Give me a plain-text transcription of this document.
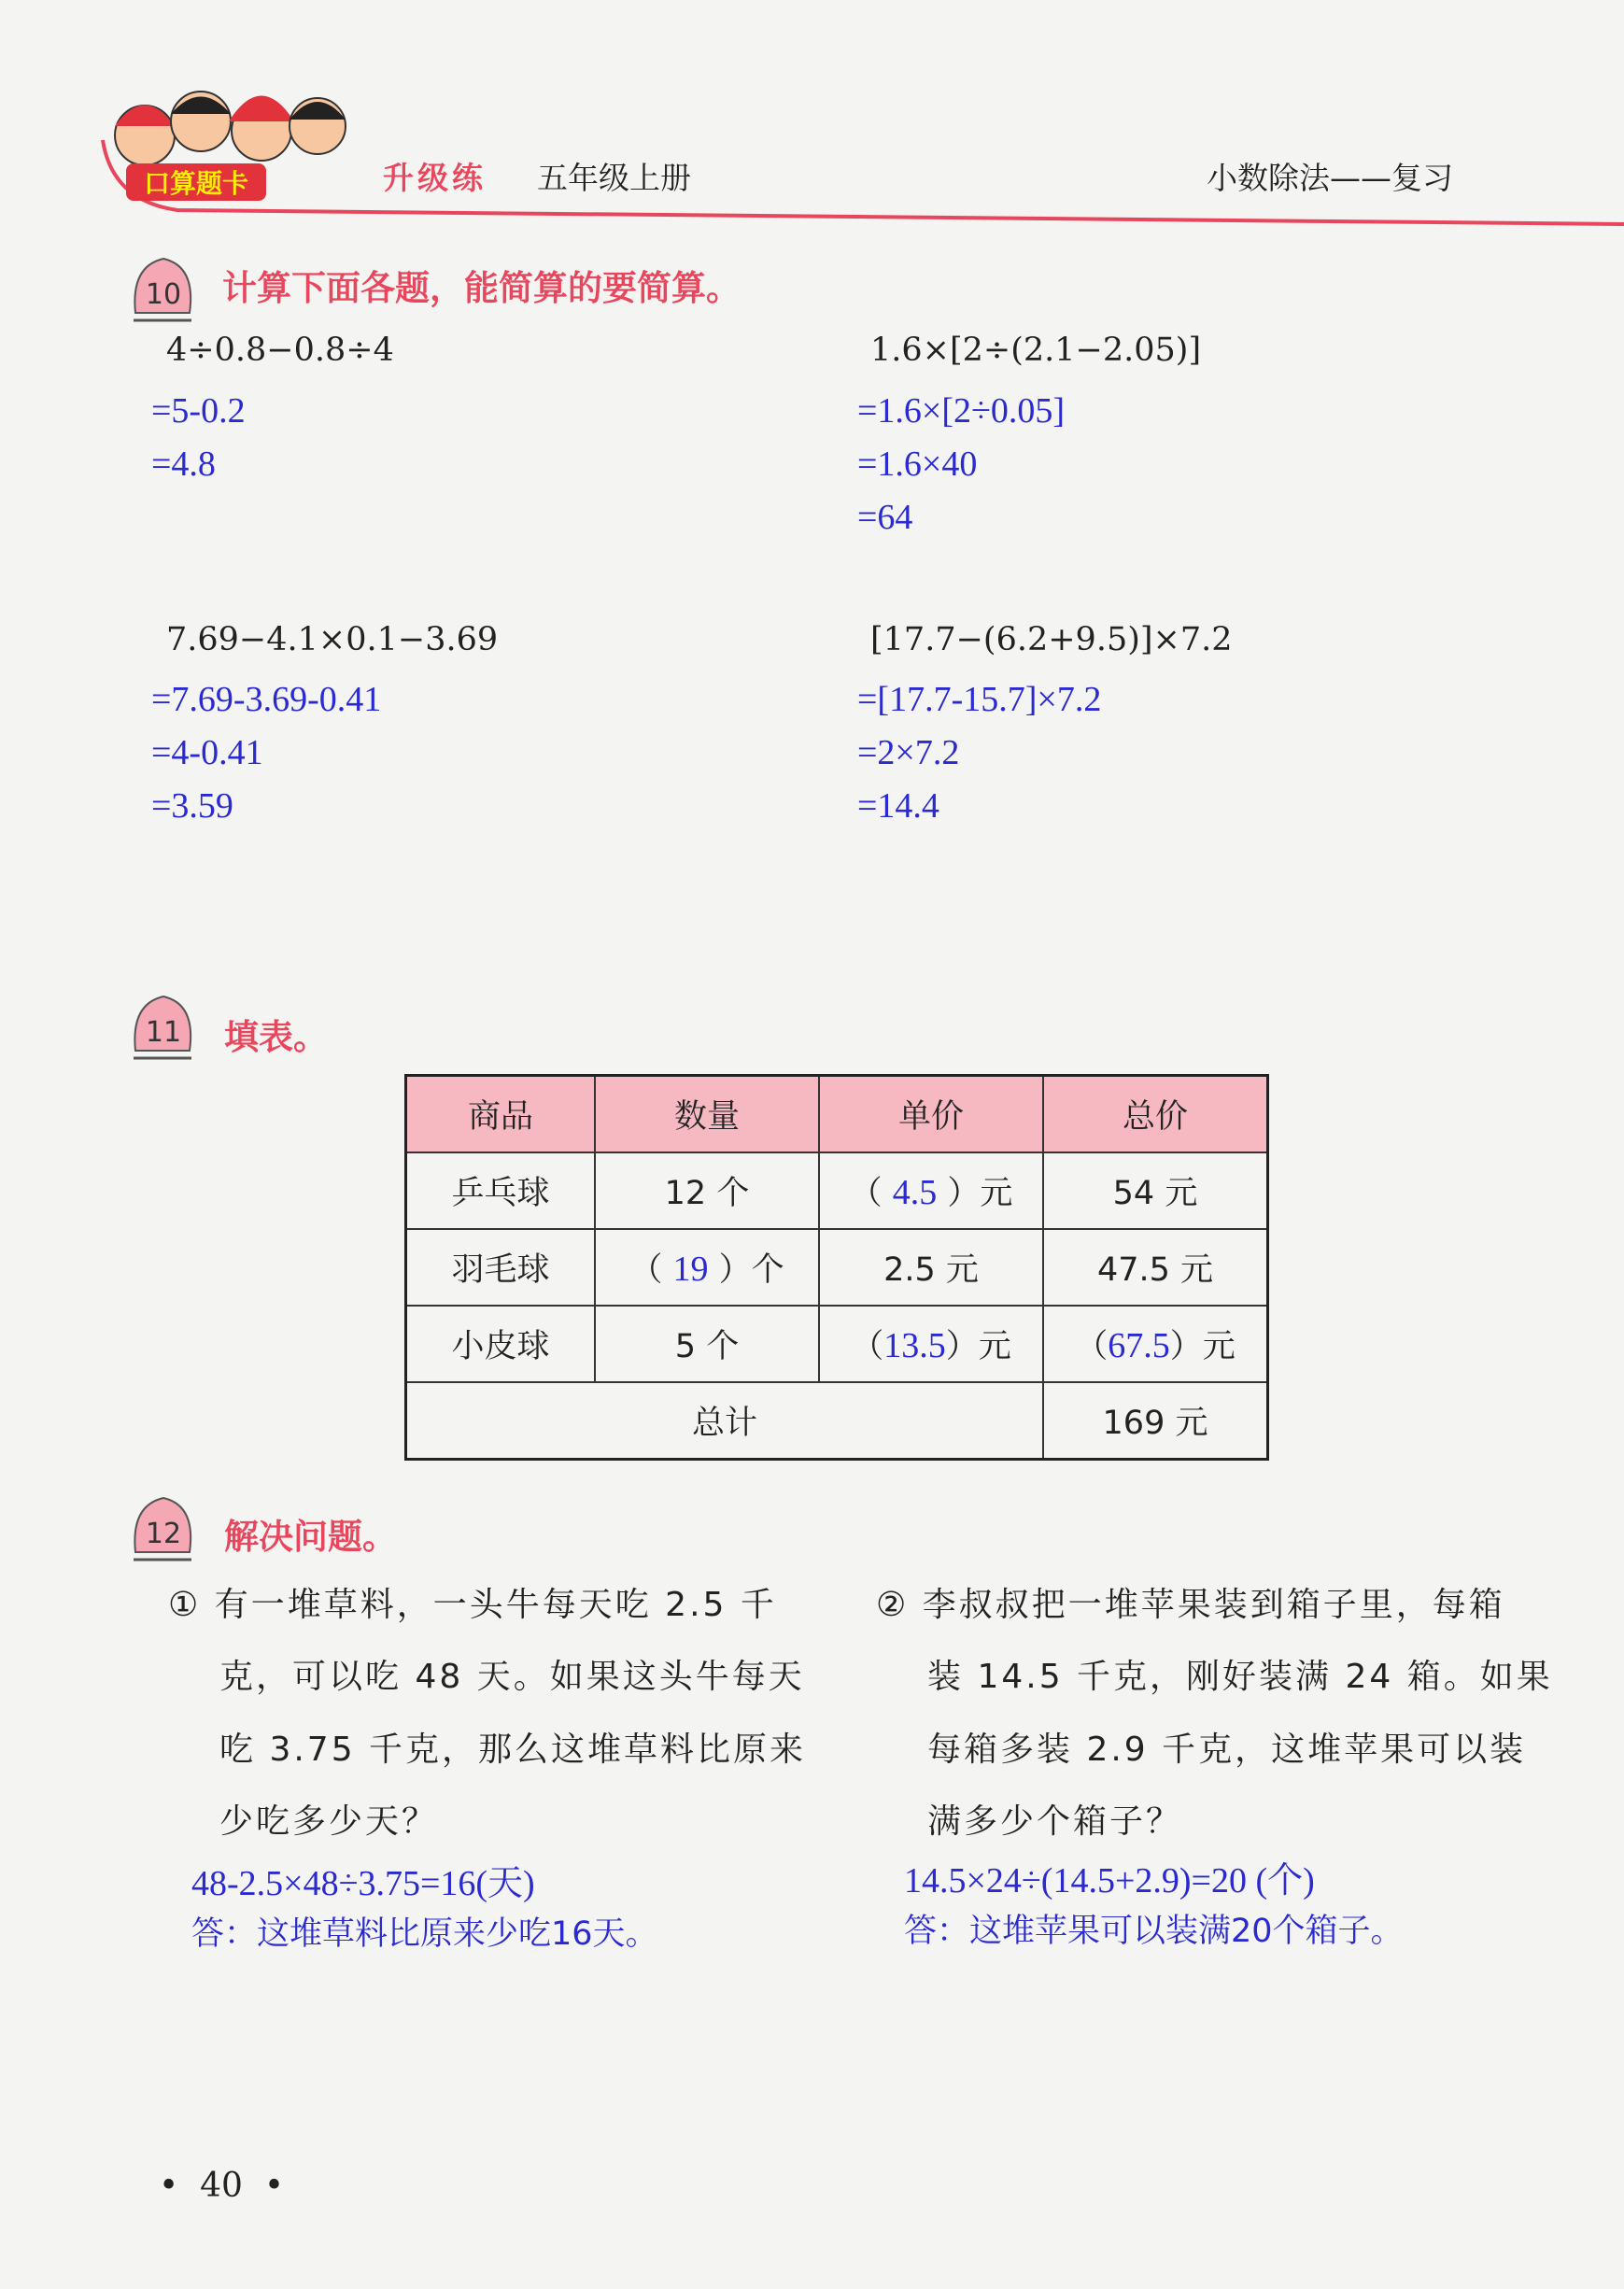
口算题卡	升级练 五年级上册	小数除法——复习
10 计算下面各题，能简算的要简算。
4÷0.8−0.8÷4
=5-0.2
=4.8
1.6×[2÷(2.1−2.05)]
=1.6×[2÷0.05]
=1.6×40
=64
7.69−4.1×0.1−3.69
=7.69-3.69-0.41
=4-0.41
=3.59
[17.7−(6.2+9.5)]×7.2
=[17.7-15.7]×7.2
=2×7.2
=14.4
11 填表。
商品	数量	单价	总价
乒乓球	12 个	（ 4.5 ）元	54 元
羽毛球	（ 19 ）个	2.5 元	47.5 元
小皮球	5 个	（13.5）元	（67.5）元
总计			169 元
12 解决问题。
① 有一堆草料，一头牛每天吃 2.5 千
克，可以吃 48 天。如果这头牛每天
吃 3.75 千克，那么这堆草料比原来
少吃多少天？
48-2.5×48÷3.75=16(天)
答：这堆草料比原来少吃16天。
② 李叔叔把一堆苹果装到箱子里，每箱
装 14.5 千克，刚好装满 24 箱。如果
每箱多装 2.9 千克，这堆苹果可以装
满多少个箱子？
14.5×24÷(14.5+2.9)=20 (个)
答：这堆苹果可以装满20个箱子。
• 40 •
